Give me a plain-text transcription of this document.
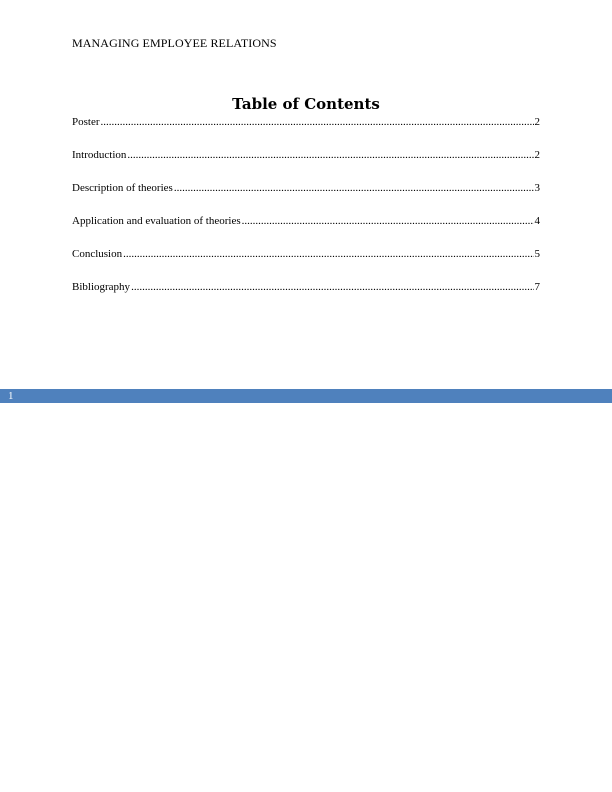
MANAGING EMPLOYEE RELATIONS
Table of Contents
Poster .....	2
Introduction .....	2
Description of theories .....	3
Application and evaluation of theories .....	4
Conclusion .....	5
Bibliography .....	7
1
